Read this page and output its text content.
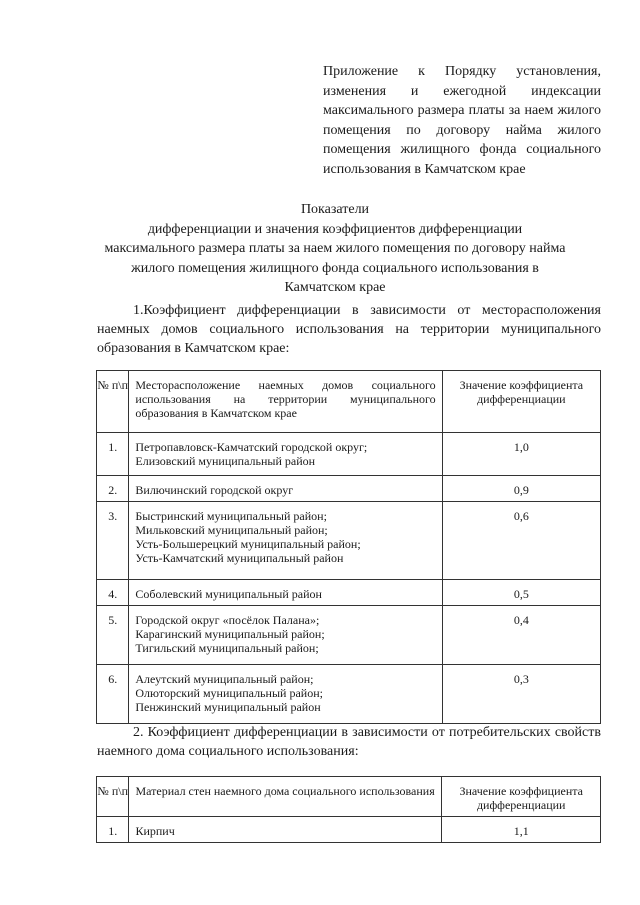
Приложение к Порядку установления, изменения и ежегодной индексации максимального размера платы за наем жилого помещения по договору найма жилого помещения жилищного фонда социального использования в Камчатском крае
Показатели
дифференциации и значения коэффициентов дифференциации
максимального размера платы за наем жилого помещения по договору найма
жилого помещения жилищного фонда социального использования в
Камчатском крае
1.Коэффициент дифференциации в зависимости от месторасположения наемных домов социального использования на территории муниципального образования в Камчатском крае:
№ п\п	Месторасположение наемных домов социального использования на территории муниципального образования в Камчатском крае	Значение коэффициента дифференциации
1.	Петропавловск-Камчатский городской округ;
Елизовский муниципальный район	1,0
2.	Вилючинский городской округ	0,9
3.	Быстринский муниципальный район;
Мильковский муниципальный район;
Усть-Большерецкий муниципальный район;
Усть-Камчатский муниципальный район	0,6
4.	Соболевский муниципальный район	0,5
5.	Городской округ «посёлок Палана»;
Карагинский муниципальный район;
Тигильский муниципальный район;	0,4
6.	Алеутский муниципальный район;
Олюторский муниципальный район;
Пенжинский муниципальный район	0,3
2. Коэффициент дифференциации в зависимости от потребительских свойств наемного дома социального использования:
№ п\п	Материал стен наемного дома социального использования	Значение коэффициента дифференциации
1.	Кирпич	1,1
